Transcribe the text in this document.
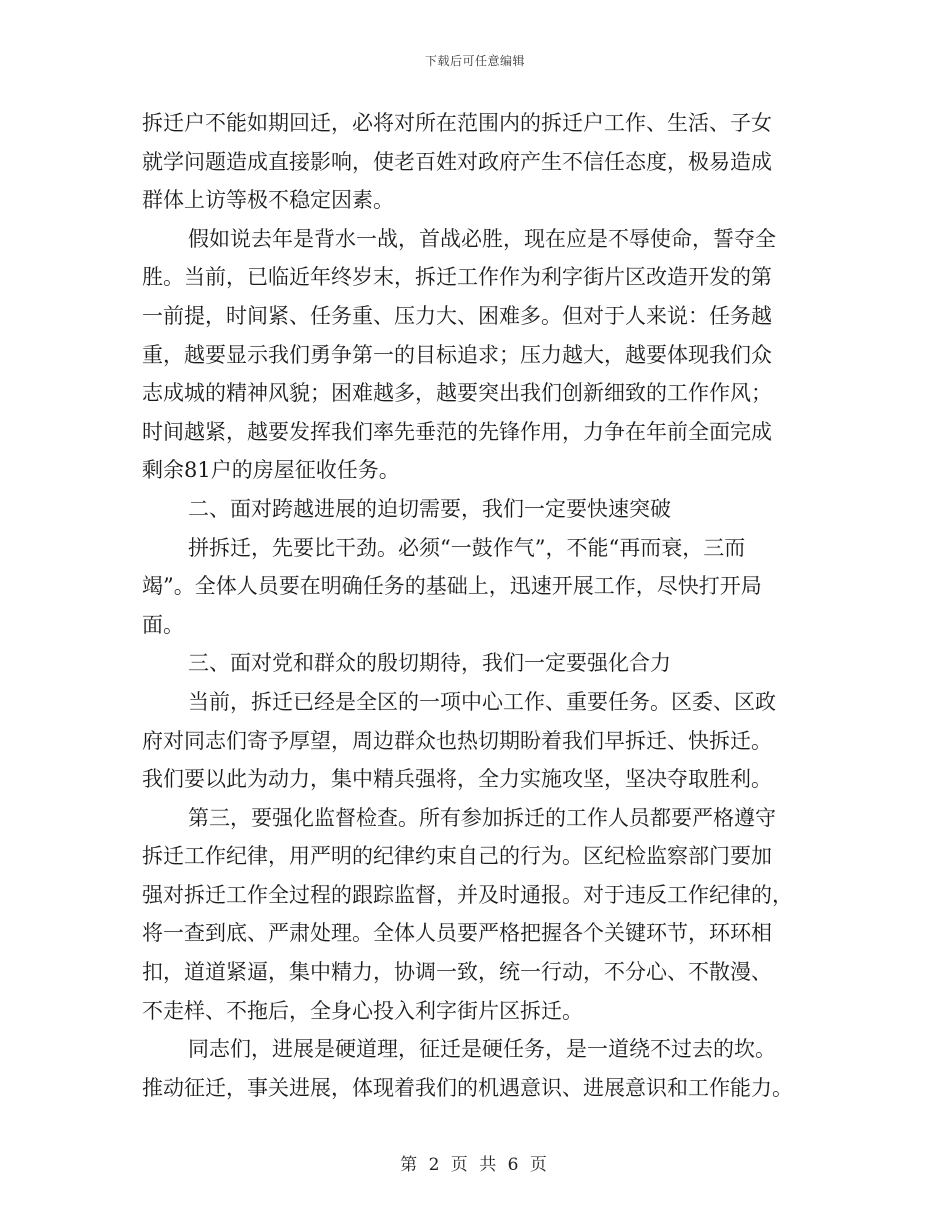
下载后可任意编辑
拆迁户不能如期回迁，必将对所在范围内的拆迁户工作、生活、子女
就学问题造成直接影响，使老百姓对政府产生不信任态度，极易造成
群体上访等极不稳定因素。
假如说去年是背水一战，首战必胜，现在应是不辱使命，誓夺全
胜。当前，已临近年终岁末，拆迁工作作为利字街片区改造开发的第
一前提，时间紧、任务重、压力大、困难多。但对于人来说：任务越
重，越要显示我们勇争第一的目标追求；压力越大，越要体现我们众
志成城的精神风貌；困难越多，越要突出我们创新细致的工作作风；
时间越紧，越要发挥我们率先垂范的先锋作用，力争在年前全面完成
剩余81户的房屋征收任务。
二、面对跨越进展的迫切需要，我们一定要快速突破
拼拆迁，先要比干劲。必须“一鼓作气”，不能“再而衰，三而
竭”。全体人员要在明确任务的基础上，迅速开展工作，尽快打开局
面。
三、面对党和群众的殷切期待，我们一定要强化合力
当前，拆迁已经是全区的一项中心工作、重要任务。区委、区政
府对同志们寄予厚望，周边群众也热切期盼着我们早拆迁、快拆迁。
我们要以此为动力，集中精兵强将，全力实施攻坚，坚决夺取胜利。
第三，要强化监督检查。所有参加拆迁的工作人员都要严格遵守
拆迁工作纪律，用严明的纪律约束自己的行为。区纪检监察部门要加
强对拆迁工作全过程的跟踪监督，并及时通报。对于违反工作纪律的，
将一查到底、严肃处理。全体人员要严格把握各个关键环节，环环相
扣，道道紧逼，集中精力，协调一致，统一行动，不分心、不散漫、
不走样、不拖后，全身心投入利字街片区拆迁。
同志们，进展是硬道理，征迁是硬任务，是一道绕不过去的坎。
推动征迁，事关进展，体现着我们的机遇意识、进展意识和工作能力。
第 2 页 共 6 页
